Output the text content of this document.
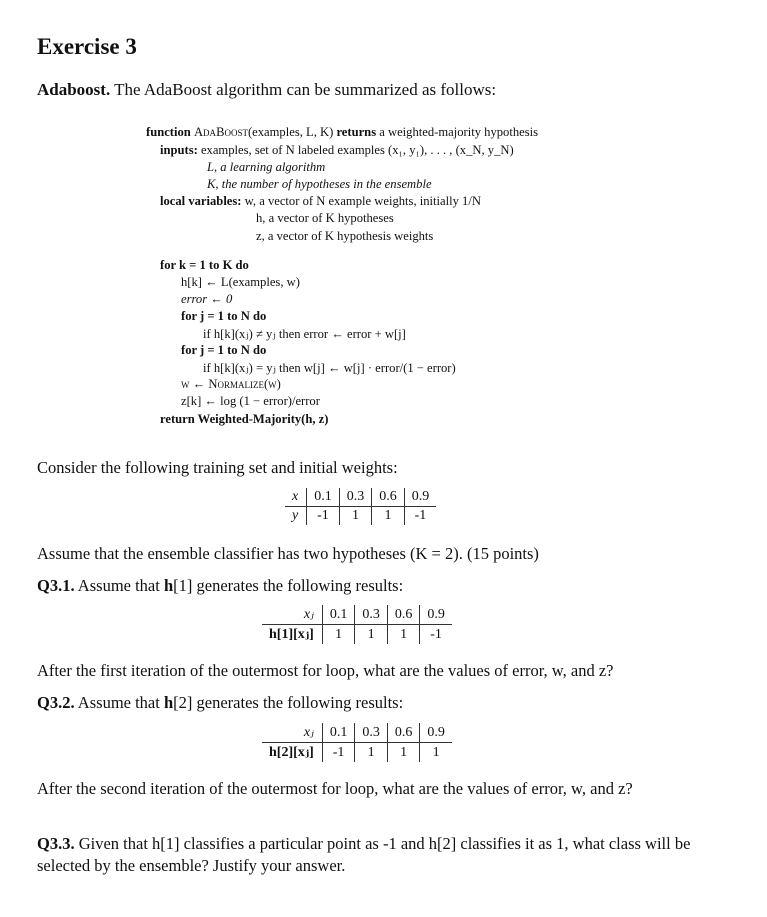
Exercise 3
Adaboost. The AdaBoost algorithm can be summarized as follows:
function AdaBoost(examples, L, K) returns a weighted-majority hypothesis
inputs: examples, set of N labeled examples (x₁, y₁), . . . , (x_N, y_N)
L, a learning algorithm
K, the number of hypotheses in the ensemble
local variables: w, a vector of N example weights, initially 1/N
h, a vector of K hypotheses
z, a vector of K hypothesis weights
for k = 1 to K do
h[k] ← L(examples, w)
error ← 0
for j = 1 to N do
if h[k](xⱼ) ≠ yⱼ then error ← error + w[j]
for j = 1 to N do
if h[k](xⱼ) = yⱼ then w[j] ← w[j] · error/(1 − error)
w ← Normalize(w)
z[k] ← log (1 − error)/error
return Weighted-Majority(h, z)
Consider the following training set and initial weights:
x	0.1	0.3	0.6	0.9
y	-1	1	1	-1
Assume that the ensemble classifier has two hypotheses (K = 2). (15 points)
Q3.1. Assume that h[1] generates the following results:
xⱼ	0.1	0.3	0.6	0.9
h[1][xⱼ]	1	1	1	-1
After the first iteration of the outermost for loop, what are the values of error, w, and z?
Q3.2. Assume that h[2] generates the following results:
xⱼ	0.1	0.3	0.6	0.9
h[2][xⱼ]	-1	1	1	1
After the second iteration of the outermost for loop, what are the values of error, w, and z?
Q3.3. Given that h[1] classifies a particular point as -1 and h[2] classifies it as 1, what class will be selected by the ensemble? Justify your answer.
